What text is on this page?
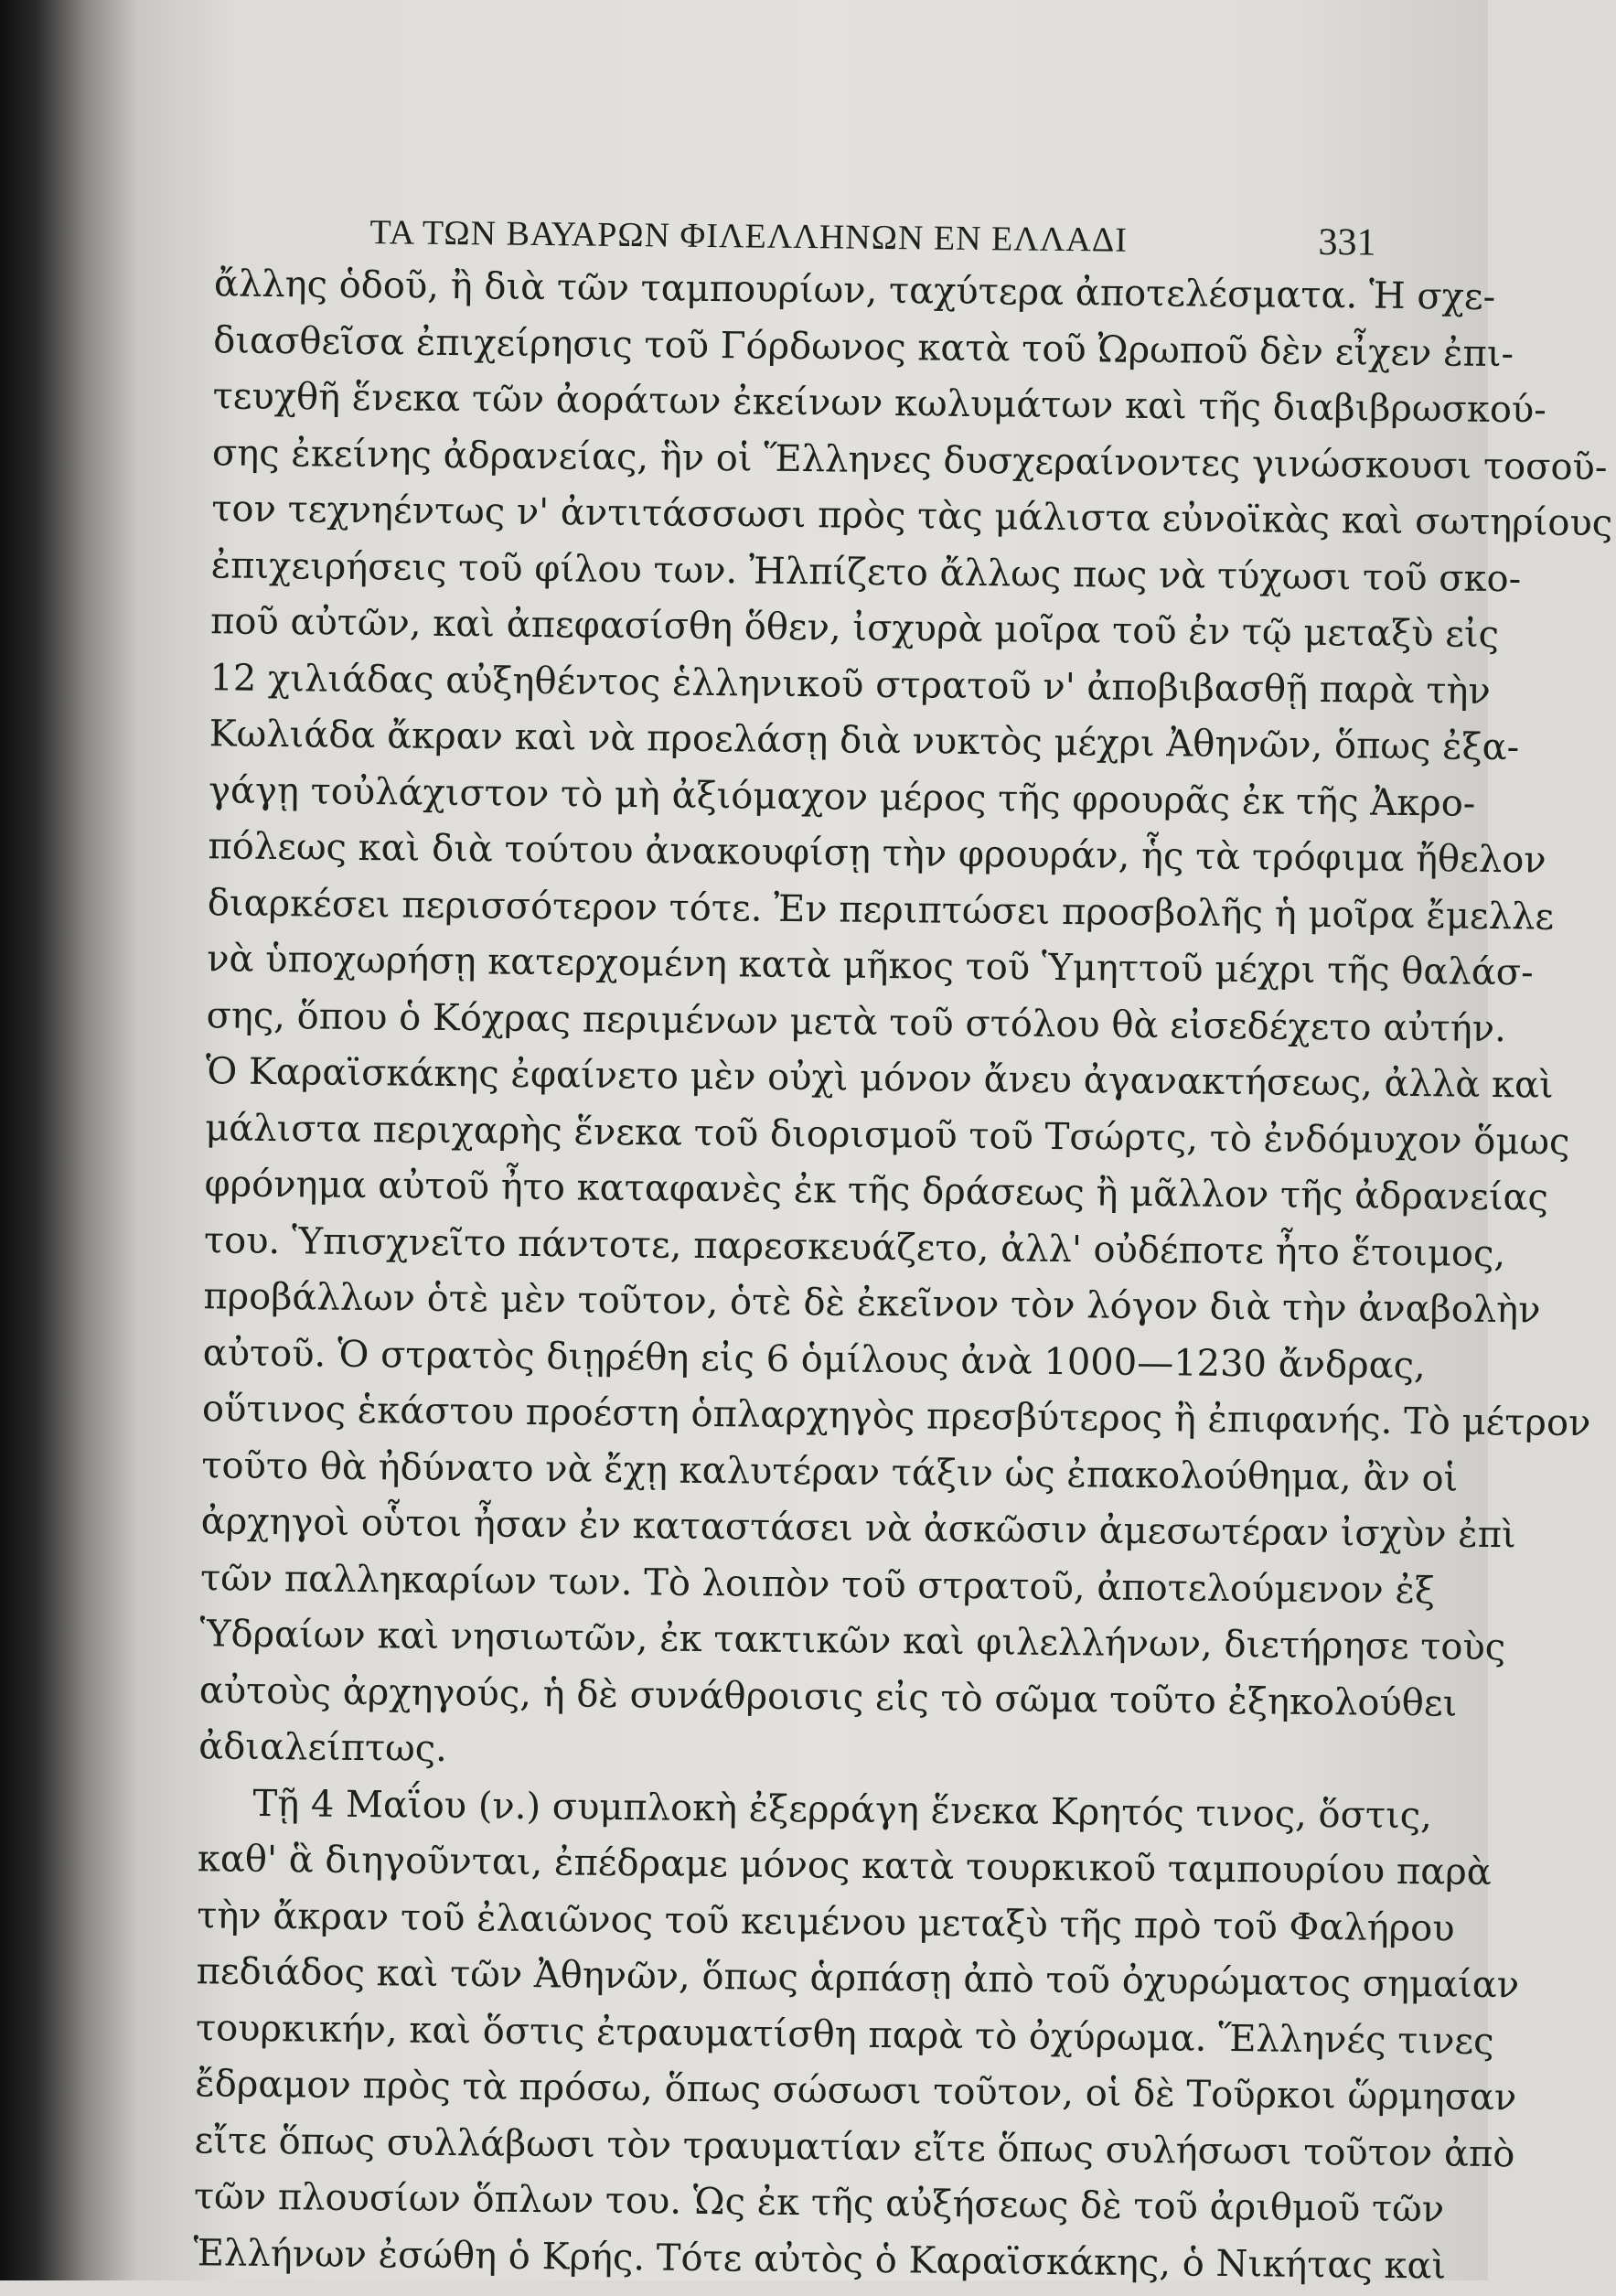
ΤΑ ΤΩΝ ΒΑΥΑΡΩΝ ΦΙΛΕΛΛΗΝΩΝ ΕΝ ΕΛΛΑΔΙ	331
ἄλλης ὁδοῦ, ἢ διὰ τῶν ταμπουρίων, ταχύτερα ἀποτελέσματα. Ἡ σχε-
διασθεῖσα ἐπιχείρησις τοῦ Γόρδωνος κατὰ τοῦ Ὠρωποῦ δὲν εἶχεν ἐπι-
τευχθῆ ἕνεκα τῶν ἀοράτων ἐκείνων κωλυμάτων καὶ τῆς διαβιβρωσκού-
σης ἐκείνης ἀδρανείας, ἣν οἱ Ἕλληνες δυσχεραίνοντες γινώσκουσι τοσοῦ-
τον τεχνηέντως ν' ἀντιτάσσωσι πρὸς τὰς μάλιστα εὐνοϊκὰς καὶ σωτηρίους
ἐπιχειρήσεις τοῦ φίλου των. Ἠλπίζετο ἄλλως πως νὰ τύχωσι τοῦ σκο-
ποῦ αὐτῶν, καὶ ἀπεφασίσθη ὅθεν, ἰσχυρὰ μοῖρα τοῦ ἐν τῷ μεταξὺ εἰς
12 χιλιάδας αὐξηθέντος ἑλληνικοῦ στρατοῦ ν' ἀποβιβασθῇ παρὰ τὴν
Κωλιάδα ἄκραν καὶ νὰ προελάσῃ διὰ νυκτὸς μέχρι Ἀθηνῶν, ὅπως ἐξα-
γάγῃ τοὐλάχιστον τὸ μὴ ἀξιόμαχον μέρος τῆς φρουρᾶς ἐκ τῆς Ἀκρο-
πόλεως καὶ διὰ τούτου ἀνακουφίσῃ τὴν φρουράν, ἧς τὰ τρόφιμα ἤθελον
διαρκέσει περισσότερον τότε. Ἐν περιπτώσει προσβολῆς ἡ μοῖρα ἔμελλε
νὰ ὑποχωρήσῃ κατερχομένη κατὰ μῆκος τοῦ Ὑμηττοῦ μέχρι τῆς θαλάσ-
σης, ὅπου ὁ Κόχρας περιμένων μετὰ τοῦ στόλου θὰ εἰσεδέχετο αὐτήν.
Ὁ Καραϊσκάκης ἐφαίνετο μὲν οὐχὶ μόνον ἄνευ ἀγανακτήσεως, ἀλλὰ καὶ
μάλιστα περιχαρὴς ἕνεκα τοῦ διορισμοῦ τοῦ Τσώρτς, τὸ ἐνδόμυχον ὅμως
φρόνημα αὐτοῦ ἦτο καταφανὲς ἐκ τῆς δράσεως ἢ μᾶλλον τῆς ἀδρανείας
του. Ὑπισχνεῖτο πάντοτε, παρεσκευάζετο, ἀλλ' οὐδέποτε ἦτο ἕτοιμος,
προβάλλων ὁτὲ μὲν τοῦτον, ὁτὲ δὲ ἐκεῖνον τὸν λόγον διὰ τὴν ἀναβολὴν
αὐτοῦ. Ὁ στρατὸς διῃρέθη εἰς 6 ὁμίλους ἀνὰ 1000—1230 ἄνδρας,
οὕτινος ἑκάστου προέστη ὁπλαρχηγὸς πρεσβύτερος ἢ ἐπιφανής. Τὸ μέτρον
τοῦτο θὰ ἠδύνατο νὰ ἔχῃ καλυτέραν τάξιν ὡς ἐπακολούθημα, ἂν οἱ
ἀρχηγοὶ οὗτοι ἦσαν ἐν καταστάσει νὰ ἀσκῶσιν ἀμεσωτέραν ἰσχὺν ἐπὶ
τῶν παλληκαρίων των. Τὸ λοιπὸν τοῦ στρατοῦ, ἀποτελούμενον ἐξ
Ὑδραίων καὶ νησιωτῶν, ἐκ τακτικῶν καὶ φιλελλήνων, διετήρησε τοὺς
αὐτοὺς ἀρχηγούς, ἡ δὲ συνάθροισις εἰς τὸ σῶμα τοῦτο ἐξηκολούθει
ἀδιαλείπτως.
Τῇ 4 Μαΐου (ν.) συμπλοκὴ ἐξερράγη ἕνεκα Κρητός τινος, ὅστις,
καθ' ἃ διηγοῦνται, ἐπέδραμε μόνος κατὰ τουρκικοῦ ταμπουρίου παρὰ
τὴν ἄκραν τοῦ ἐλαιῶνος τοῦ κειμένου μεταξὺ τῆς πρὸ τοῦ Φαλήρου
πεδιάδος καὶ τῶν Ἀθηνῶν, ὅπως ἁρπάσῃ ἀπὸ τοῦ ὀχυρώματος σημαίαν
τουρκικήν, καὶ ὅστις ἐτραυματίσθη παρὰ τὸ ὀχύρωμα. Ἕλληνές τινες
ἔδραμον πρὸς τὰ πρόσω, ὅπως σώσωσι τοῦτον, οἱ δὲ Τοῦρκοι ὥρμησαν
εἴτε ὅπως συλλάβωσι τὸν τραυματίαν εἴτε ὅπως συλήσωσι τοῦτον ἀπὸ
τῶν πλουσίων ὅπλων του. Ὡς ἐκ τῆς αὐξήσεως δὲ τοῦ ἀριθμοῦ τῶν
Ἑλλήνων ἐσώθη ὁ Κρής. Τότε αὐτὸς ὁ Καραϊσκάκης, ὁ Νικήτας καὶ
